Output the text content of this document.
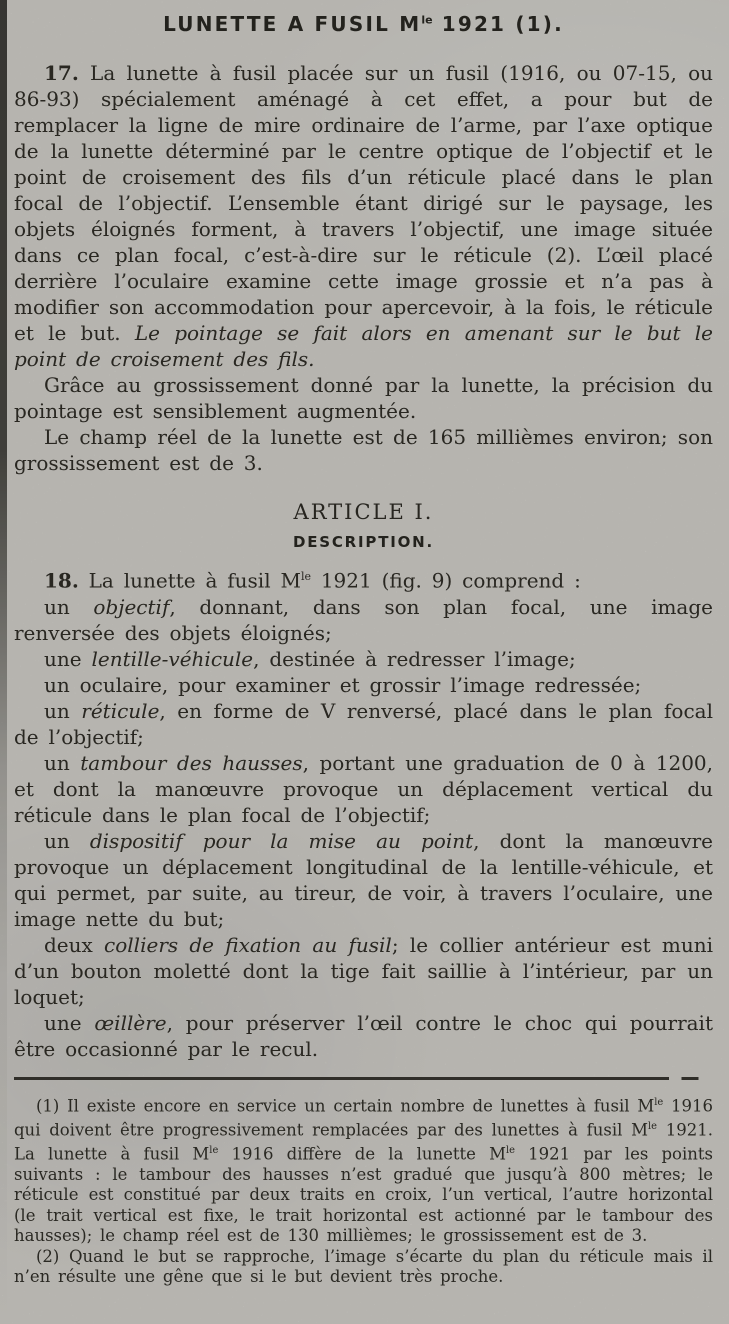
LUNETTE A FUSIL $M^{le}$ 1921 (1).

17. La lunette à fusil placée sur un fusil (1916, ou 07-15, ou 86-93) spécialement aménagé à cet effet, a pour but de remplacer la ligne de mire ordinaire de l’arme, par l’axe optique de la lunette déterminé par le centre optique de l’objectif et le point de croisement des fils d’un réticule placé dans le plan focal de l’objectif. L’ensemble étant dirigé sur le paysage, les objets éloignés forment, à travers l’objectif, une image située dans ce plan focal, c’est-à-dire sur le réticule (2). L’œil placé derrière l’oculaire examine cette image grossie et n’a pas à modifier son accommodation pour apercevoir, à la fois, le réticule et le but. Le pointage se fait alors en amenant sur le but le point de croisement des fils.

Grâce au grossissement donné par la lunette, la précision du pointage est sensiblement augmentée.

Le champ réel de la lunette est de 165 millièmes environ; son grossissement est de 3.

ARTICLE I.
DESCRIPTION.

18. La lunette à fusil $M^{le}$ 1921 (fig. 9) comprend :

un objectif, donnant, dans son plan focal, une image renversée des objets éloignés;

une lentille-véhicule, destinée à redresser l’image;

un oculaire, pour examiner et grossir l’image redressée;

un réticule, en forme de V renversé, placé dans le plan focal de l’objectif;

un tambour des hausses, portant une graduation de 0 à 1200, et dont la manœuvre provoque un déplacement vertical du réticule dans le plan focal de l’objectif;

un dispositif pour la mise au point, dont la manœuvre provoque un déplacement longitudinal de la lentille-véhicule, et qui permet, par suite, au tireur, de voir, à travers l’oculaire, une image nette du but;

deux colliers de fixation au fusil; le collier antérieur est muni d’un bouton moletté dont la tige fait saillie à l’intérieur, par un loquet;

une œillère, pour préserver l’œil contre le choc qui pourrait être occasionné par le recul.

(1) Il existe encore en service un certain nombre de lunettes à fusil $M^{le}$ 1916 qui doivent être progressivement remplacées par des lunettes à fusil $M^{le}$ 1921. La lunette à fusil $M^{le}$ 1916 diffère de la lunette $M^{le}$ 1921 par les points suivants : le tambour des hausses n’est gradué que jusqu’à 800 mètres; le réticule est constitué par deux traits en croix, l’un vertical, l’autre horizontal (le trait vertical est fixe, le trait horizontal est actionné par le tambour des hausses); le champ réel est de 130 millièmes; le grossissement est de 3.

(2) Quand le but se rapproche, l’image s’écarte du plan du réticule mais il n’en résulte une gêne que si le but devient très proche.
